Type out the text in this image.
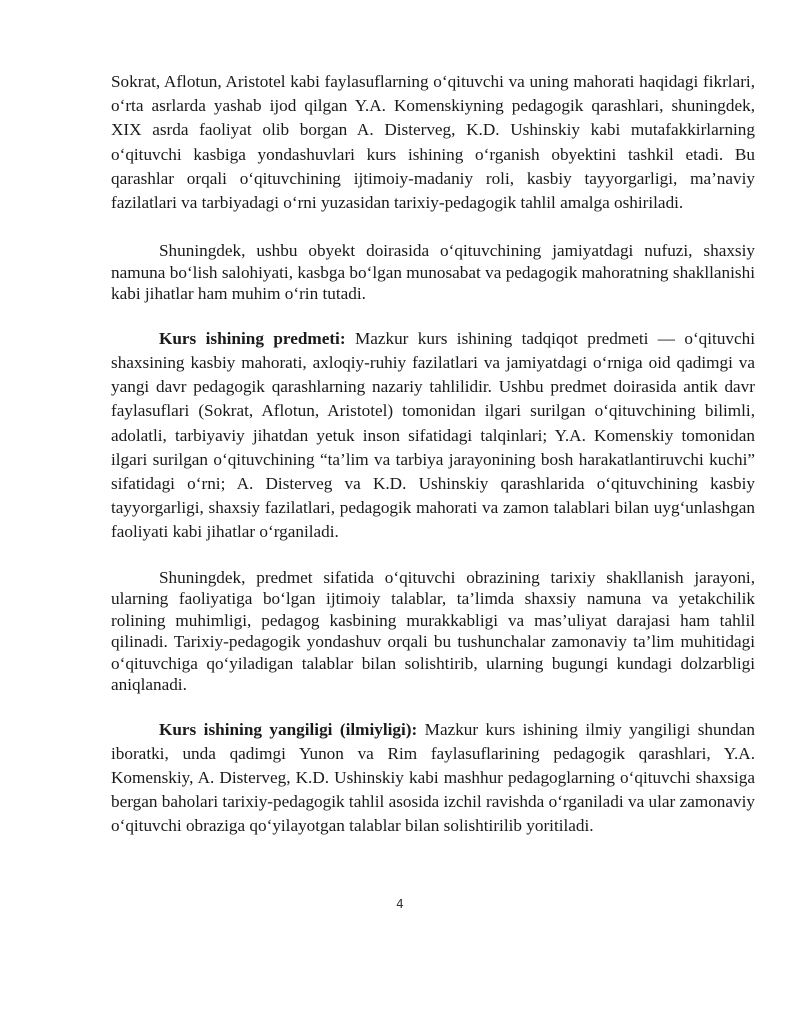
Sokrat, Aflotun, Aristotel kabi faylasuflarning o‘qituvchi va uning mahorati haqidagi fikrlari, o‘rta asrlarda yashab ijod qilgan Y.A. Komenskiyning pedagogik qarashlari, shuningdek, XIX asrda faoliyat olib borgan A. Disterveg, K.D. Ushinskiy kabi mutafakkirlarning o‘qituvchi kasbiga yondashuvlari kurs ishining o‘rganish obyektini tashkil etadi. Bu qarashlar orqali o‘qituvchining ijtimoiy-madaniy roli, kasbiy tayyorgarligi, ma’naviy fazilatlari va tarbiyadagi o‘rni yuzasidan tarixiy-pedagogik tahlil amalga oshiriladi.

Shuningdek, ushbu obyekt doirasida o‘qituvchining jamiyatdagi nufuzi, shaxsiy namuna bo‘lish salohiyati, kasbga bo‘lgan munosabat va pedagogik mahoratning shakllanishi kabi jihatlar ham muhim o‘rin tutadi.

Kurs ishining predmeti: Mazkur kurs ishining tadqiqot predmeti — o‘qituvchi shaxsining kasbiy mahorati, axloqiy-ruhiy fazilatlari va jamiyatdagi o‘rniga oid qadimgi va yangi davr pedagogik qarashlarning nazariy tahlilidir. Ushbu predmet doirasida antik davr faylasuflari (Sokrat, Aflotun, Aristotel) tomonidan ilgari surilgan o‘qituvchining bilimli, adolatli, tarbiyaviy jihatdan yetuk inson sifatidagi talqinlari; Y.A. Komenskiy tomonidan ilgari surilgan o‘qituvchining “ta’lim va tarbiya jarayonining bosh harakatlantiruvchi kuchi” sifatidagi o‘rni; A. Disterveg va K.D. Ushinskiy qarashlarida o‘qituvchining kasbiy tayyorgarligi, shaxsiy fazilatlari, pedagogik mahorati va zamon talablari bilan uyg‘unlashgan faoliyati kabi jihatlar o‘rganiladi.

Shuningdek, predmet sifatida o‘qituvchi obrazining tarixiy shakllanish jarayoni, ularning faoliyatiga bo‘lgan ijtimoiy talablar, ta’limda shaxsiy namuna va yetakchilik rolining muhimligi, pedagog kasbining murakkabligi va mas’uliyat darajasi ham tahlil qilinadi. Tarixiy-pedagogik yondashuv orqali bu tushunchalar zamonaviy ta’lim muhitidagi o‘qituvchiga qo‘yiladigan talablar bilan solishtirib, ularning bugungi kundagi dolzarbligi aniqlanadi.

Kurs ishining yangiligi (ilmiyligi): Mazkur kurs ishining ilmiy yangiligi shundan iboratki, unda qadimgi Yunon va Rim faylasuflarining pedagogik qarashlari, Y.A. Komenskiy, A. Disterveg, K.D. Ushinskiy kabi mashhur pedagoglarning o‘qituvchi shaxsiga bergan baholari tarixiy-pedagogik tahlil asosida izchil ravishda o‘rganiladi va ular zamonaviy o‘qituvchi obraziga qo‘yilayotgan talablar bilan solishtirilib yoritiladi.

4
